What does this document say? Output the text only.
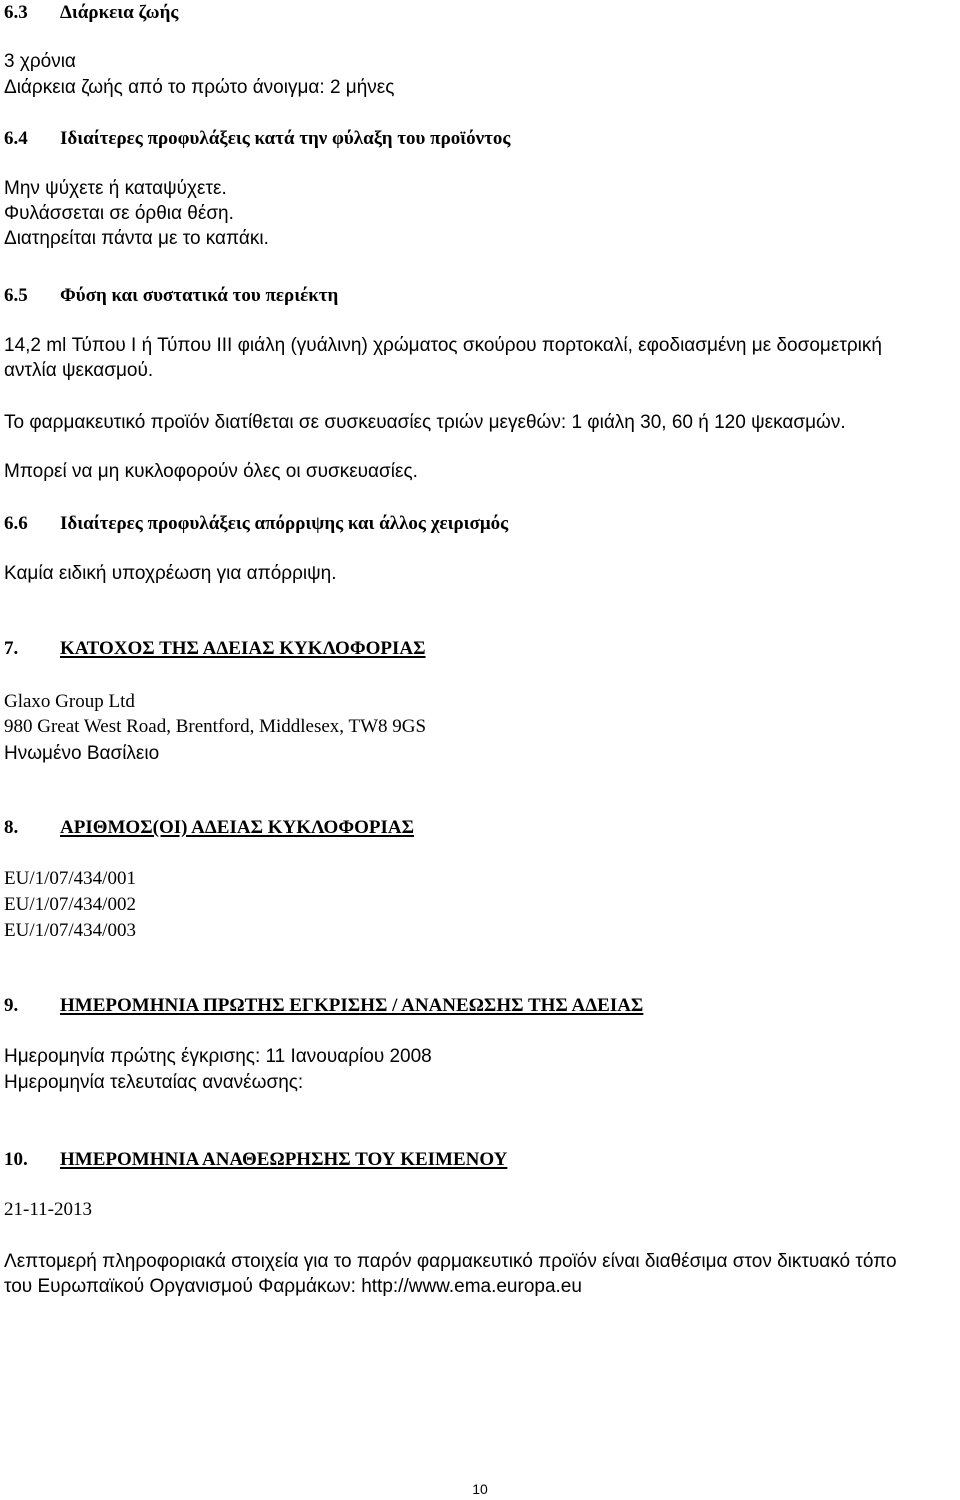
6.3 Διάρκεια ζωής
3 χρόνια
Διάρκεια ζωής από το πρώτο άνοιγμα: 2 μήνες
6.4 Ιδιαίτερες προφυλάξεις κατά την φύλαξη του προϊόντος
Μην ψύχετε ή καταψύχετε.
Φυλάσσεται σε όρθια θέση.
Διατηρείται πάντα με το καπάκι.
6.5 Φύση και συστατικά του περιέκτη
14,2 ml Τύπου I ή Τύπου III φιάλη (γυάλινη) χρώματος σκούρου πορτοκαλί, εφοδιασμένη με δοσομετρική
αντλία ψεκασμού.
Το φαρμακευτικό προϊόν διατίθεται σε συσκευασίες τριών μεγεθών: 1 φιάλη 30, 60 ή 120 ψεκασμών.
Μπορεί να μη κυκλοφορούν όλες οι συσκευασίες.
6.6 Ιδιαίτερες προφυλάξεις απόρριψης και άλλος χειρισμός
Καμία ειδική υποχρέωση για απόρριψη.
7. ΚΑΤΟΧΟΣ ΤΗΣ ΑΔΕΙΑΣ ΚΥΚΛΟΦΟΡΙΑΣ
Glaxo Group Ltd
980 Great West Road, Brentford, Middlesex, TW8 9GS
Ηνωμένο Βασίλειο
8. ΑΡΙΘΜΟΣ(ΟΙ) ΑΔΕΙΑΣ ΚΥΚΛΟΦΟΡΙΑΣ
EU/1/07/434/001
EU/1/07/434/002
EU/1/07/434/003
9. ΗΜΕΡΟΜΗΝΙΑ ΠΡΩΤΗΣ ΕΓΚΡΙΣΗΣ / ΑΝΑΝΕΩΣΗΣ ΤΗΣ ΑΔΕΙΑΣ
Ημερομηνία πρώτης έγκρισης: 11 Ιανουαρίου 2008
Ημερομηνία τελευταίας ανανέωσης:
10. ΗΜΕΡΟΜΗΝΙΑ ΑΝΑΘΕΩΡΗΣΗΣ ΤΟΥ ΚΕΙΜΕΝΟΥ
21-11-2013
Λεπτομερή πληροφοριακά στοιχεία για το παρόν φαρμακευτικό προϊόν είναι διαθέσιμα στον δικτυακό τόπο
του Ευρωπαϊκού Οργανισμού Φαρμάκων: http://www.ema.europa.eu
10
